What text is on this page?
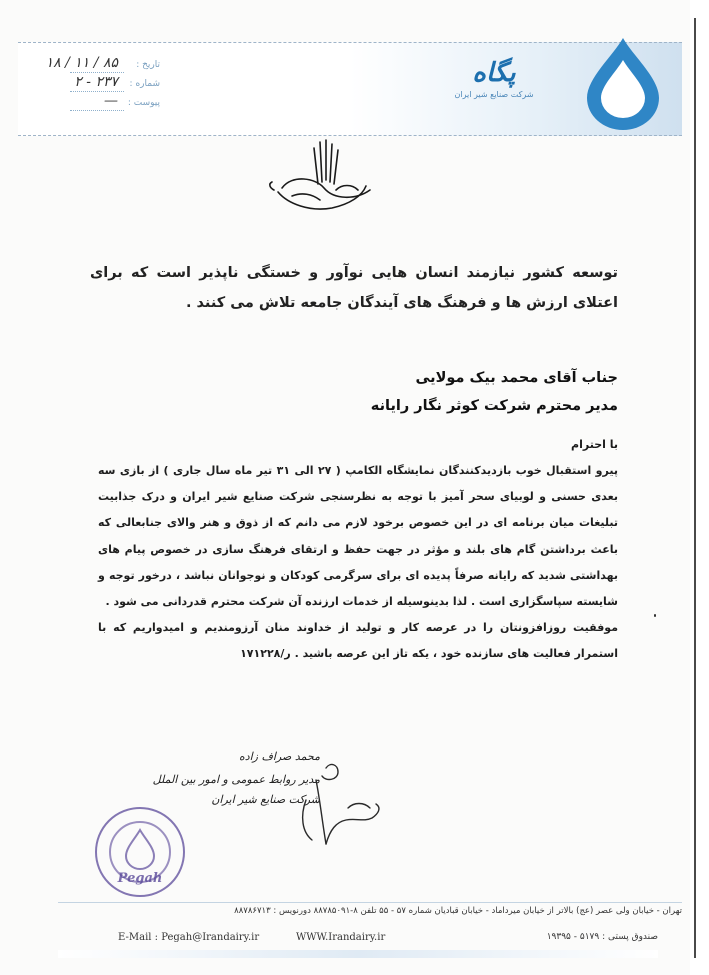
پگاه
شرکت صنایع شیر ایران
تاریخ :
۸۵ / ۱۱ / ۱۸
شماره :
۲۳۷ - ۲
پیوست :
—
توسعه کشور نیازمند انسان هایی نوآور و خستگی ناپذیر است که برای اعتلای ارزش ها و فرهنگ های آیندگان جامعه تلاش می کنند .
جناب آقای محمد بیک مولایی
مدیر محترم شرکت کوثر نگار رایانه
با احترام

پیرو استقبال خوب بازدیدکنندگان نمایشگاه الکامپ ( ۲۷ الی ۳۱ تیر ماه سال جاری ) از بازی سه بعدی حسنی و لوبیای سحر آمیز با توجه به نظرسنجی شرکت صنایع شیر ایران و درک جذابیت تبلیغات میان برنامه ای در این خصوص برخود لازم می دانم که از ذوق و هنر والای جنابعالی که باعث برداشتن گام های بلند و مؤثر در جهت حفظ و ارتقای فرهنگ سازی در خصوص پیام های بهداشتی شدید که رایانه صرفاً پدیده ای برای سرگرمی کودکان و نوجوانان نباشد ، درخور توجه و شایسته سپاسگزاری است . لذا بدینوسیله از خدمات ارزنده آن شرکت محترم قدردانی می شود .

موفقیت روزافزونتان را در عرصه کار و تولید از خداوند منان آرزومندیم و امیدواریم که با استمرار فعالیت های سازنده خود ، یکه تاز این عرصه باشید . ر/۱۷۱۲۲۸

محمد صراف زاده
مدیر روابط عمومی و امور بین الملل
شرکت صنایع شیر ایران
Pegah
تهران - خیابان ولی عصر (عج) بالاتر از خیابان میرداماد - خیابان قبادیان شماره ۵۷ - ۵۵ تلفن ۸-۸۸۷۸۵۰۹۱ دورنویس : ۸۸۷۸۶۷۱۳
E-Mail : Pegah@Irandairy.ir	WWW.Irandairy.ir	صندوق پستی : ۵۱۷۹ - ۱۹۳۹۵
